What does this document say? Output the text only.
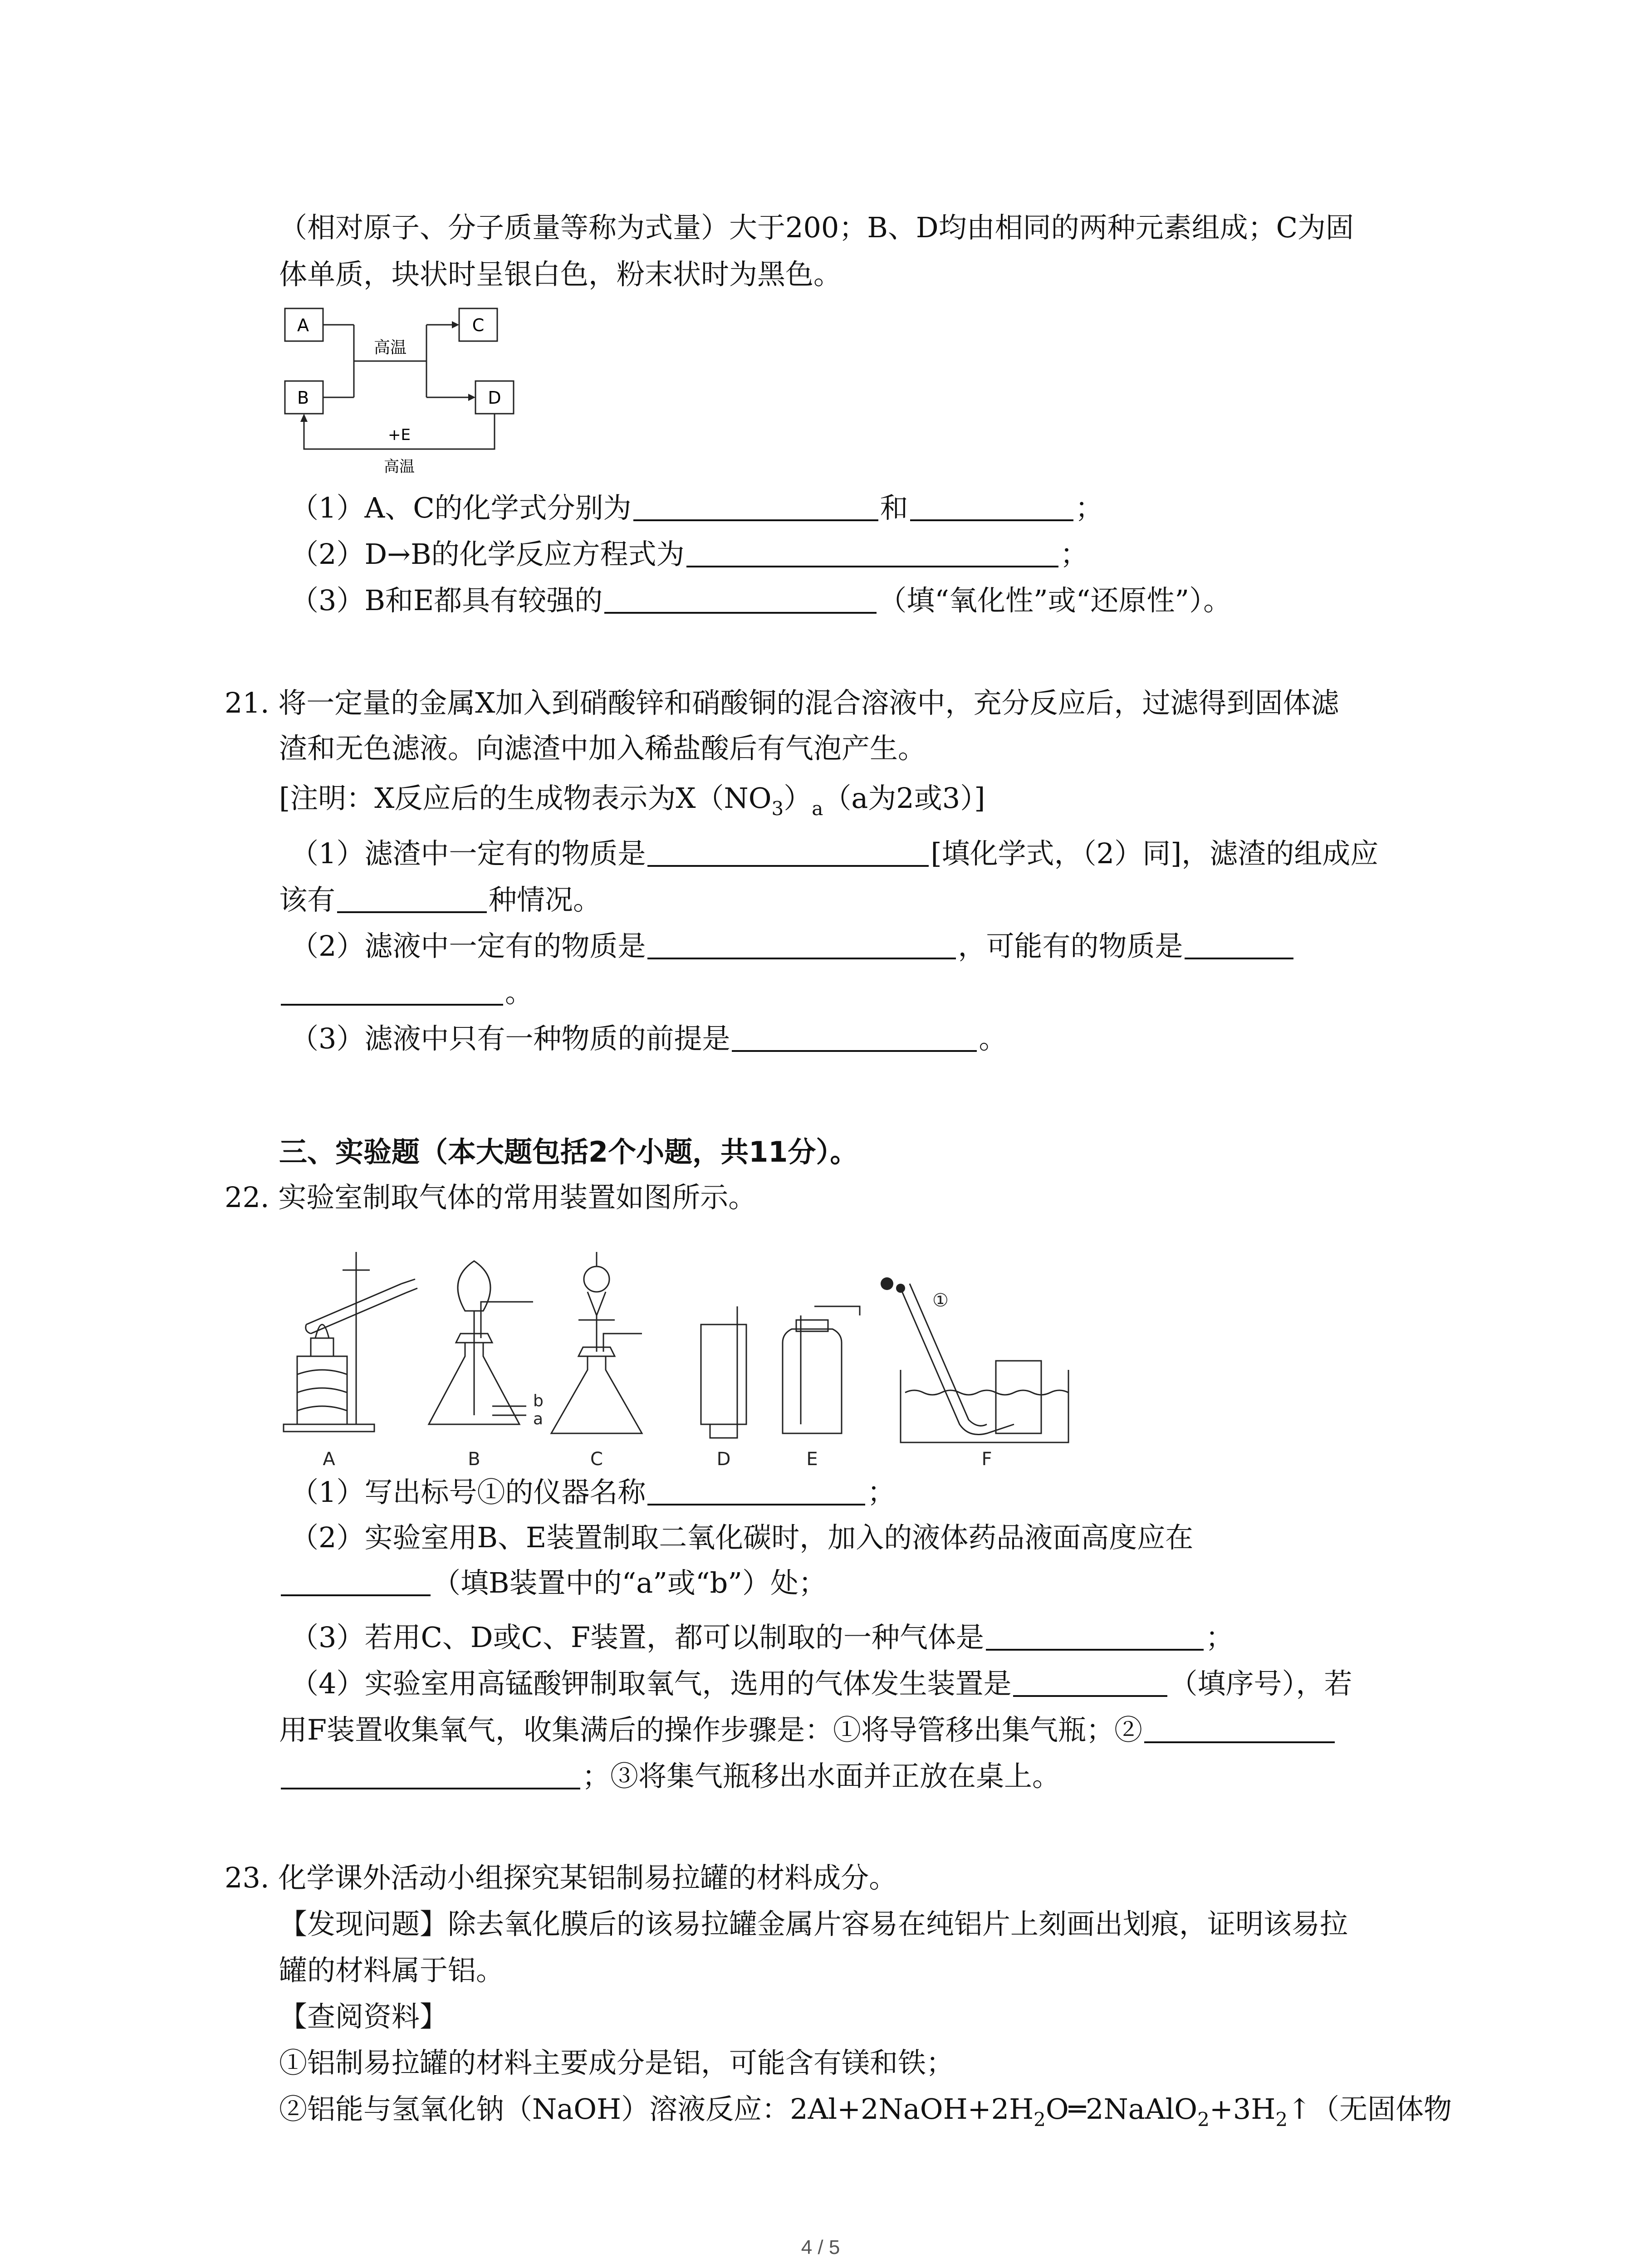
（相对原子、分子质量等称为式量）大于200；B、D均由相同的两种元素组成；C为固
体单质，块状时呈银白色，粉末状时为黑色。
A
B
C
D
高温
+E
高温
（1）A、C的化学式分别为	和	；
（2）D→B的化学反应方程式为	；
（3）B和E都具有较强的	（填“氧化性”或“还原性”）。
21. 将一定量的金属X加入到硝酸锌和硝酸铜的混合溶液中，充分反应后，过滤得到固体滤
渣和无色滤液。向滤渣中加入稀盐酸后有气泡产生。
[注明：X反应后的生成物表示为$X(NO_3)_a(a$为2或3）]
（1）滤渣中一定有的物质是	[填化学式，（2）同]，滤渣的组成应
该有	种情况。
（2）滤液中一定有的物质是	，可能有的物质是
。
（3）滤液中只有一种物质的前提是	。
三、实验题（本大题包括2个小题，共11分）。
22. 实验室制取气体的常用装置如图所示。
①
b
a
A	B	C	D	E	F
（1）写出标号①的仪器名称	；
（2）实验室用B、E装置制取二氧化碳时，加入的液体药品液面高度应在
（填B装置中的“a”或“b”）处；
（3）若用C、D或C、F装置，都可以制取的一种气体是	；
（4）实验室用高锰酸钾制取氧气，选用的气体发生装置是	（填序号），若
用F装置收集氧气，收集满后的操作步骤是：①将导管移出集气瓶；②
；③将集气瓶移出水面并正放在桌上。
23. 化学课外活动小组探究某铝制易拉罐的材料成分。
【发现问题】除去氧化膜后的该易拉罐金属片容易在纯铝片上刻画出划痕，证明该易拉
罐的材料属于铝。
【查阅资料】
①铝制易拉罐的材料主要成分是铝，可能含有镁和铁；
②铝能与氢氧化钠（NaOH）溶液反应：$2Al+2NaOH+2H_2O═2NaAlO_2+3H_2↑$（无固体物
4 / 5
